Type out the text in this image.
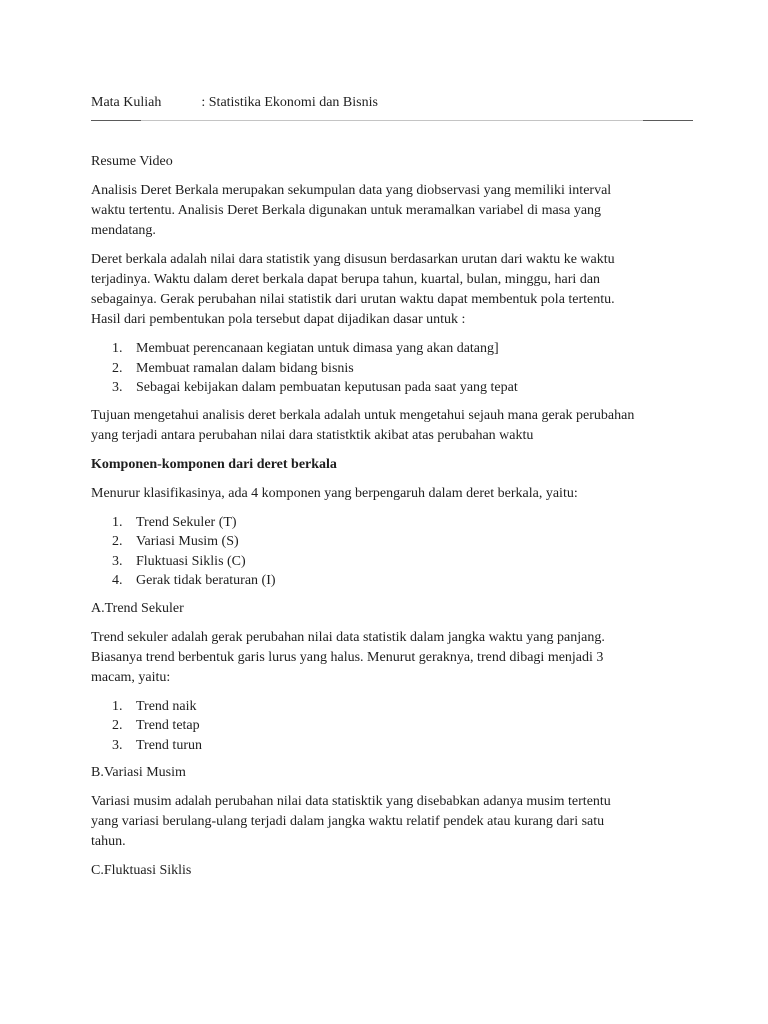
Mata Kuliah	: Statistika Ekonomi dan Bisnis

Resume Video

Analisis Deret Berkala merupakan sekumpulan data yang diobservasi yang memiliki interval
waktu tertentu. Analisis Deret Berkala digunakan untuk meramalkan variabel di masa yang
mendatang.

Deret berkala adalah nilai dara statistik yang disusun berdasarkan urutan dari waktu ke waktu
terjadinya. Waktu dalam deret berkala dapat berupa tahun, kuartal, bulan, minggu, hari dan
sebagainya. Gerak perubahan nilai statistik dari urutan waktu dapat membentuk pola tertentu.
Hasil dari pembentukan pola tersebut dapat dijadikan dasar untuk :

1. Membuat perencanaan kegiatan untuk dimasa yang akan datang]
2. Membuat ramalan dalam bidang bisnis
3. Sebagai kebijakan dalam pembuatan keputusan pada saat yang tepat

Tujuan mengetahui analisis deret berkala adalah untuk mengetahui sejauh mana gerak perubahan
yang terjadi antara perubahan nilai dara statistktik akibat atas perubahan waktu

Komponen-komponen dari deret berkala

Menurur klasifikasinya, ada 4 komponen yang berpengaruh dalam deret berkala, yaitu:

1. Trend Sekuler (T)
2. Variasi Musim (S)
3. Fluktuasi Siklis (C)
4. Gerak tidak beraturan (I)

A.Trend Sekuler

Trend sekuler adalah gerak perubahan nilai data statistik dalam jangka waktu yang panjang.
Biasanya trend berbentuk garis lurus yang halus. Menurut geraknya, trend dibagi menjadi 3
macam, yaitu:

1. Trend naik
2. Trend tetap
3. Trend turun

B.Variasi Musim

Variasi musim adalah perubahan nilai data statisktik yang disebabkan adanya musim tertentu
yang variasi berulang-ulang terjadi dalam jangka waktu relatif pendek atau kurang dari satu
tahun.

C.Fluktuasi Siklis
